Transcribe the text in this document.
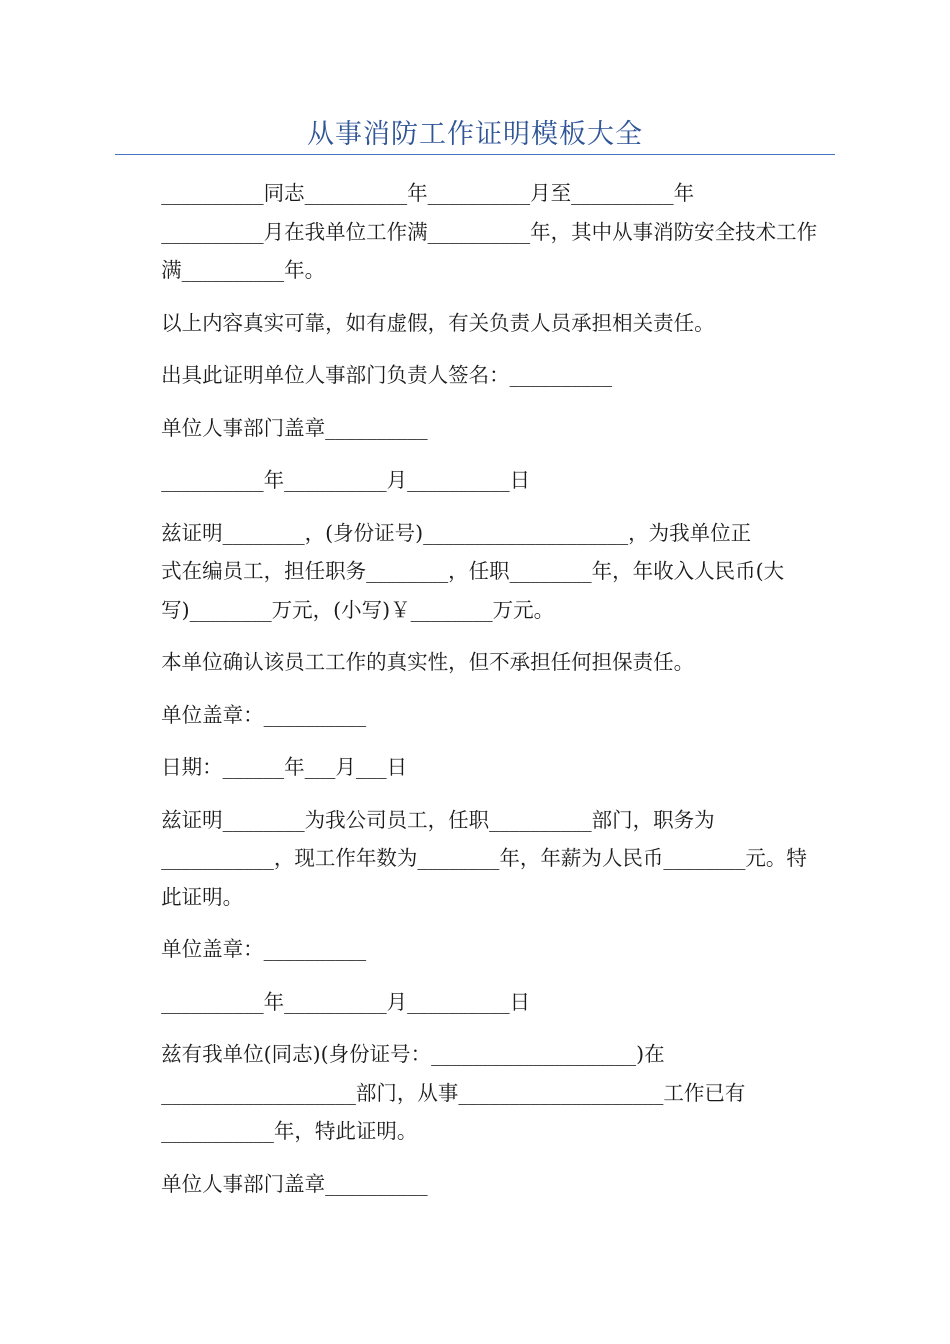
从事消防工作证明模板大全
__________同志__________年__________月至__________年
__________月在我单位工作满__________年，其中从事消防安全技术工作
满__________年。
以上内容真实可靠，如有虚假，有关负责人员承担相关责任。
出具此证明单位人事部门负责人签名：__________
单位人事部门盖章__________
__________年__________月__________日
兹证明________，(身份证号)____________________，为我单位正
式在编员工，担任职务________，任职________年，年收入人民币(大
写)________万元，(小写)￥________万元。
本单位确认该员工工作的真实性，但不承担任何担保责任。
单位盖章：__________
日期：______年___月___日
兹证明________为我公司员工，任职__________部门，职务为
___________，现工作年数为________年，年薪为人民币________元。特
此证明。
单位盖章：__________
__________年__________月__________日
兹有我单位(同志)(身份证号：____________________)在
___________________部门，从事____________________工作已有
___________年，特此证明。
单位人事部门盖章__________
